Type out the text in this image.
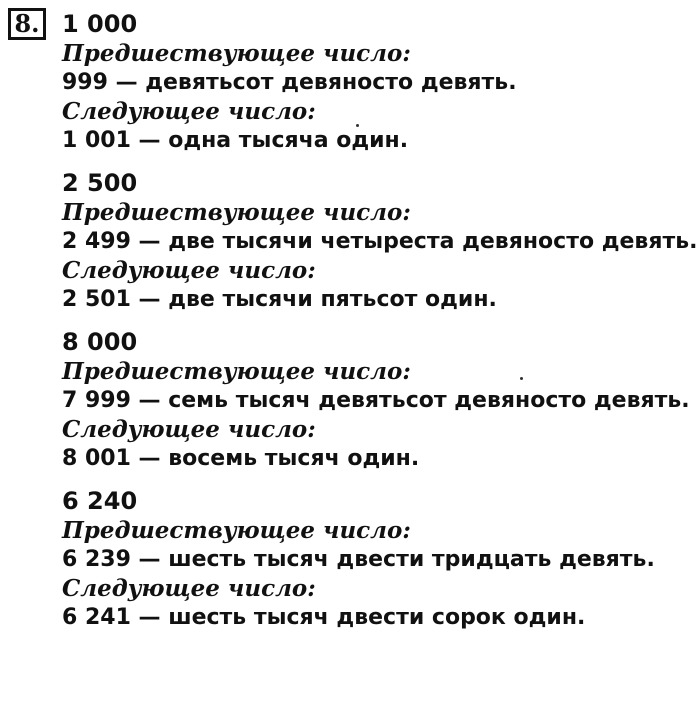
8. 1 000
Предшествующее число:
999 — девятьсот девяносто девять.
Следующее число:
1 001 — одна тысяча один.
2 500
Предшествующее число:
2 499 — две тысячи четыреста девяносто девять.
Следующее число:
2 501 — две тысячи пятьсот один.
8 000
Предшествующее число:
7 999 — семь тысяч девятьсот девяносто девять.
Следующее число:
8 001 — восемь тысяч один.
6 240
Предшествующее число:
6 239 — шесть тысяч двести тридцать девять.
Следующее число:
6 241 — шесть тысяч двести сорок один.
